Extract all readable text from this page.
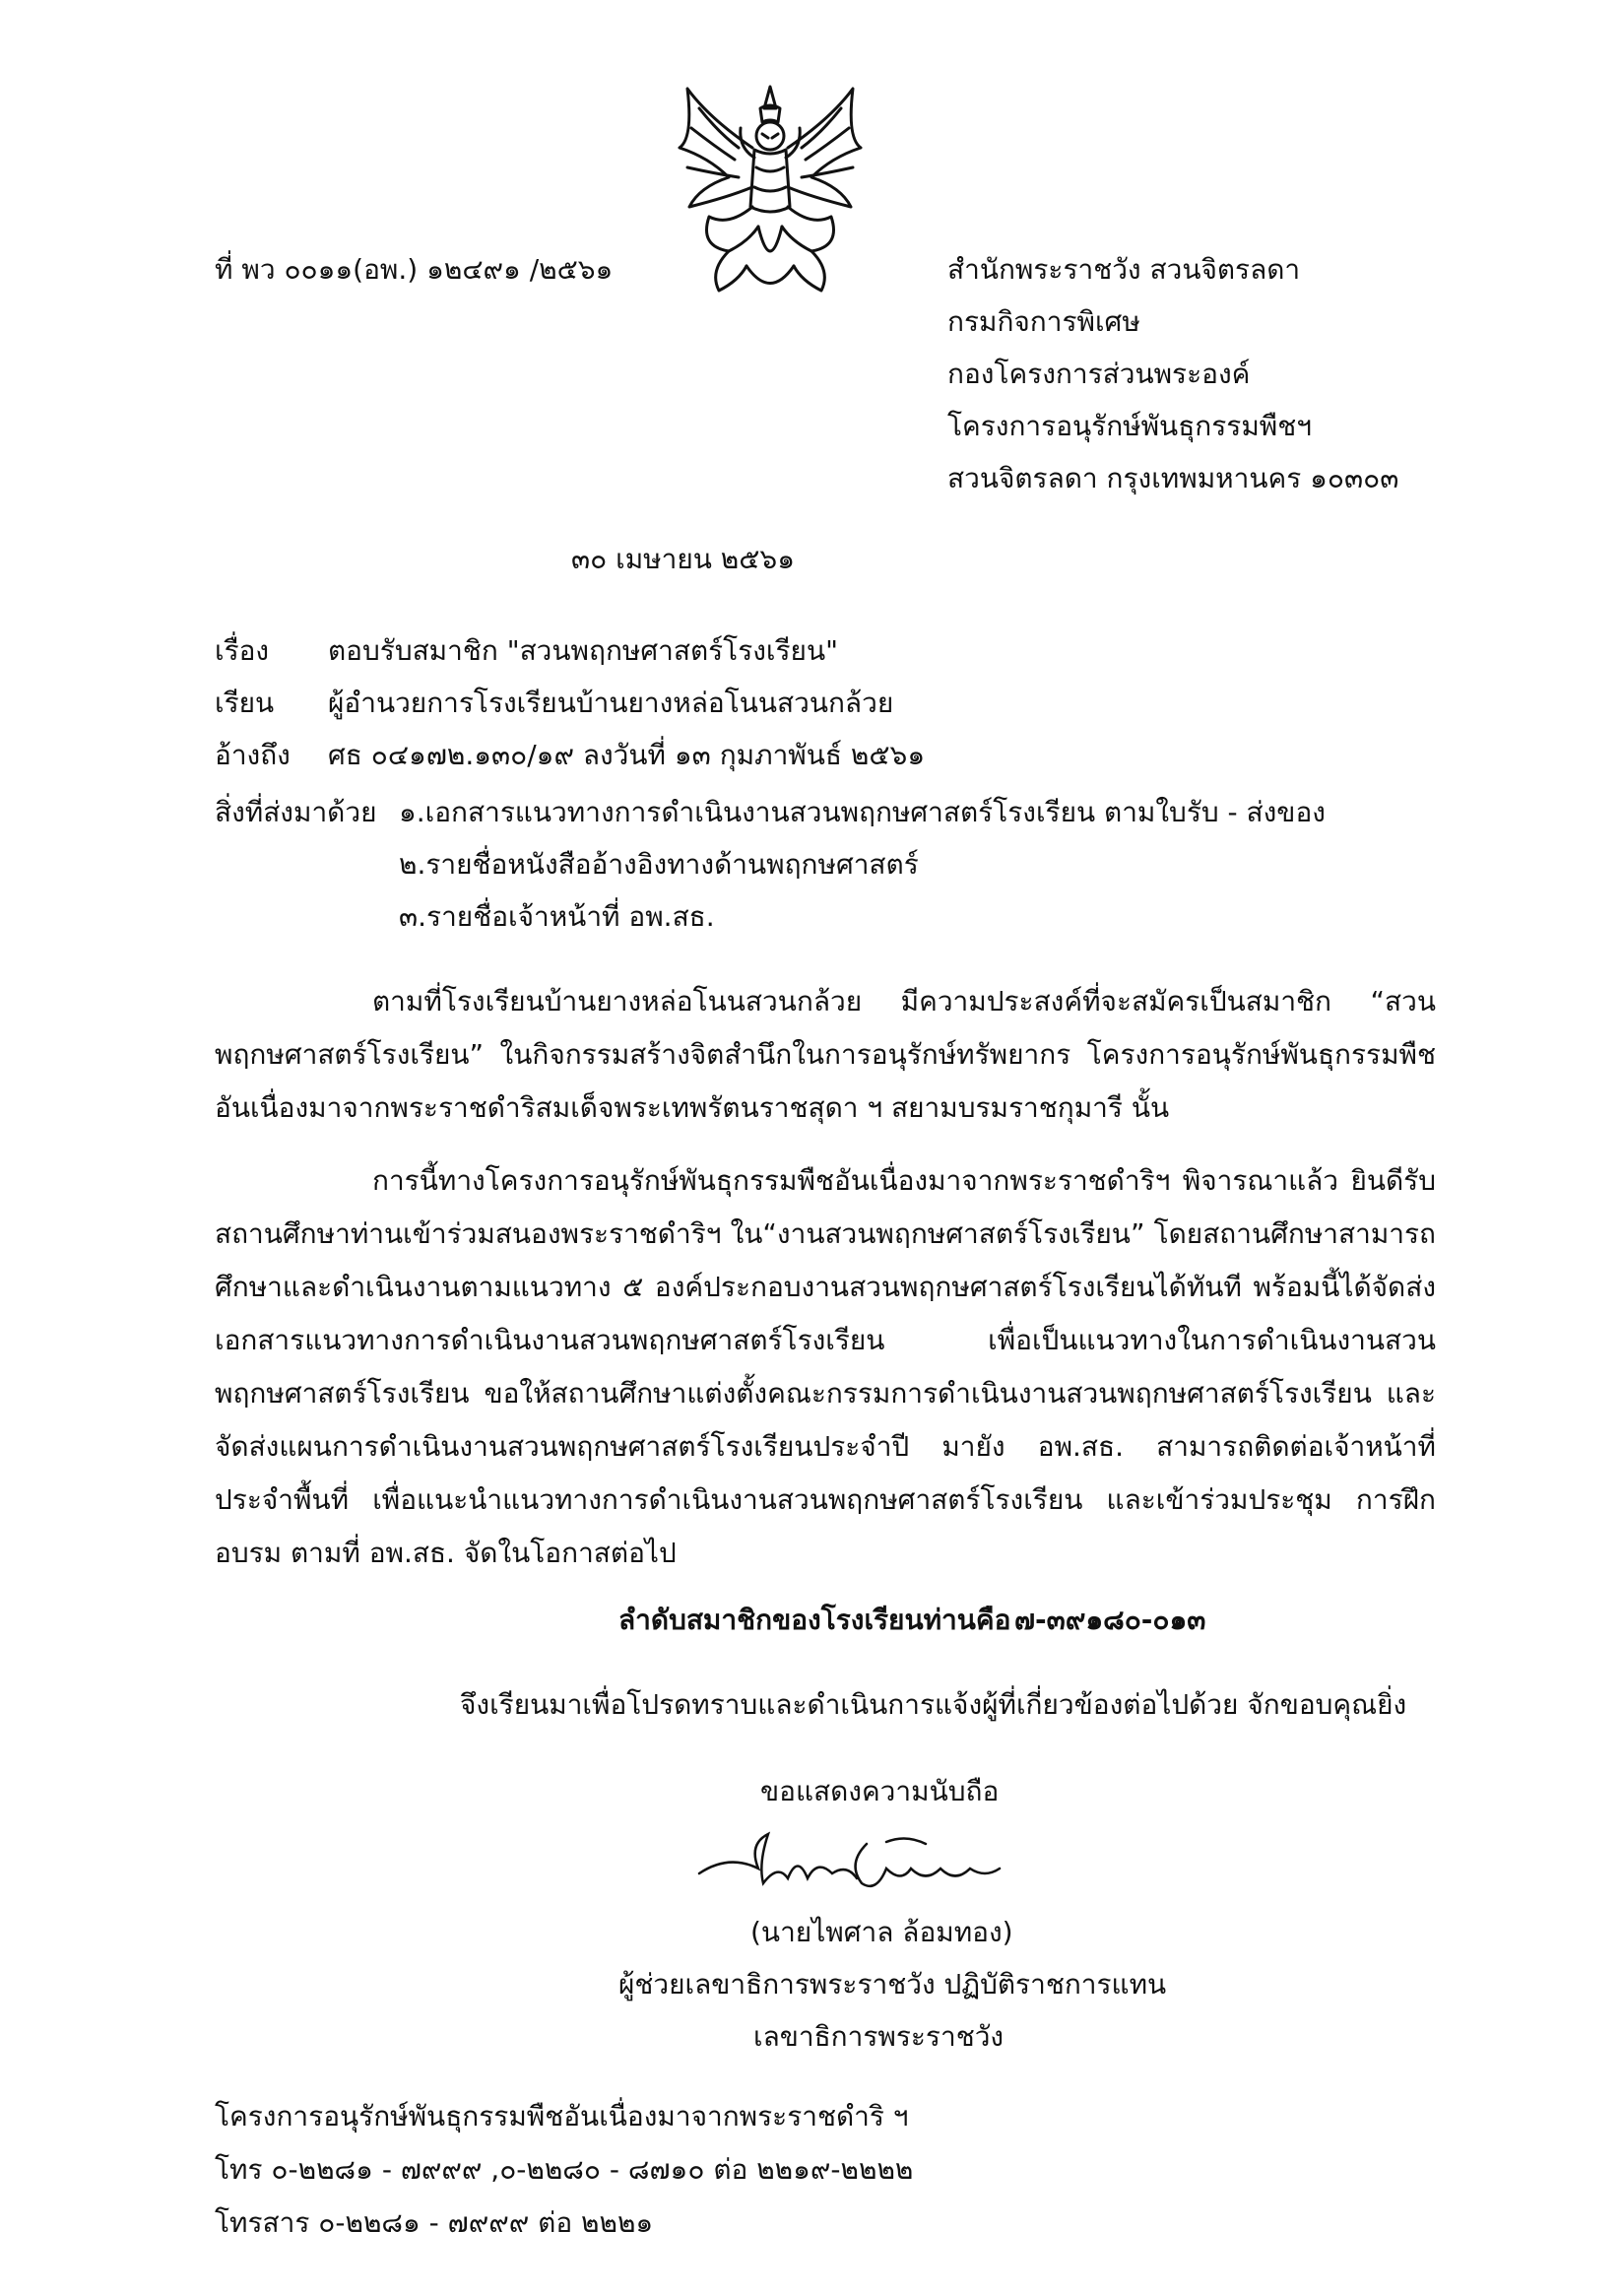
ที่ พว ๐๐๑๑(อพ.) ๑๒๔๙๑ /๒๕๖๑	สำนักพระราชวัง สวนจิตรลดา
กรมกิจการพิเศษ
กองโครงการส่วนพระองค์
โครงการอนุรักษ์พันธุกรรมพืชฯ
สวนจิตรลดา กรุงเทพมหานคร ๑๐๓๐๓
๓๐ เมษายน ๒๕๖๑
เรื่อง ตอบรับสมาชิก "สวนพฤกษศาสตร์โรงเรียน"
เรียน ผู้อำนวยการโรงเรียนบ้านยางหล่อโนนสวนกล้วย
อ้างถึง ศธ ๐๔๑๗๒.๑๓๐/๑๙ ลงวันที่ ๑๓ กุมภาพันธ์ ๒๕๖๑
สิ่งที่ส่งมาด้วย ๑.เอกสารแนวทางการดำเนินงานสวนพฤกษศาสตร์โรงเรียน ตามใบรับ - ส่งของ
๒.รายชื่อหนังสืออ้างอิงทางด้านพฤกษศาสตร์
๓.รายชื่อเจ้าหน้าที่ อพ.สธ.
ตามที่โรงเรียนบ้านยางหล่อโนนสวนกล้วย มีความประสงค์ที่จะสมัครเป็นสมาชิก “สวนพฤกษศาสตร์โรงเรียน” ในกิจกรรมสร้างจิตสำนึกในการอนุรักษ์ทรัพยากร โครงการอนุรักษ์พันธุกรรมพืชอันเนื่องมาจากพระราชดำริสมเด็จพระเทพรัตนราชสุดา ฯ สยามบรมราชกุมารี นั้น
การนี้ทางโครงการอนุรักษ์พันธุกรรมพืชอันเนื่องมาจากพระราชดำริฯ พิจารณาแล้ว ยินดีรับสถานศึกษาท่านเข้าร่วมสนองพระราชดำริฯ ใน“งานสวนพฤกษศาสตร์โรงเรียน” โดยสถานศึกษาสามารถศึกษาและดำเนินงานตามแนวทาง ๕ องค์ประกอบงานสวนพฤกษศาสตร์โรงเรียนได้ทันที พร้อมนี้ได้จัดส่งเอกสารแนวทางการดำเนินงานสวนพฤกษศาสตร์โรงเรียน เพื่อเป็นแนวทางในการดำเนินงานสวนพฤกษศาสตร์โรงเรียน ขอให้สถานศึกษาแต่งตั้งคณะกรรมการดำเนินงานสวนพฤกษศาสตร์โรงเรียน และจัดส่งแผนการดำเนินงานสวนพฤกษศาสตร์โรงเรียนประจำปี มายัง อพ.สธ. สามารถติดต่อเจ้าหน้าที่ ประจำพื้นที่ เพื่อแนะนำแนวทางการดำเนินงานสวนพฤกษศาสตร์โรงเรียน และเข้าร่วมประชุม การฝึกอบรม ตามที่ อพ.สธ. จัดในโอกาสต่อไป
ลำดับสมาชิกของโรงเรียนท่านคือ ๗-๓๙๑๘๐-๐๑๓
จึงเรียนมาเพื่อโปรดทราบและดำเนินการแจ้งผู้ที่เกี่ยวข้องต่อไปด้วย จักขอบคุณยิ่ง
ขอแสดงความนับถือ
(นายไพศาล ล้อมทอง)
ผู้ช่วยเลขาธิการพระราชวัง ปฏิบัติราชการแทน
เลขาธิการพระราชวัง
โครงการอนุรักษ์พันธุกรรมพืชอันเนื่องมาจากพระราชดำริ ฯ
โทร ๐-๒๒๘๑ - ๗๙๙๙ ,๐-๒๒๘๐ - ๘๗๑๐ ต่อ ๒๒๑๙-๒๒๒๒
โทรสาร ๐-๒๒๘๑ - ๗๙๙๙ ต่อ ๒๒๒๑
